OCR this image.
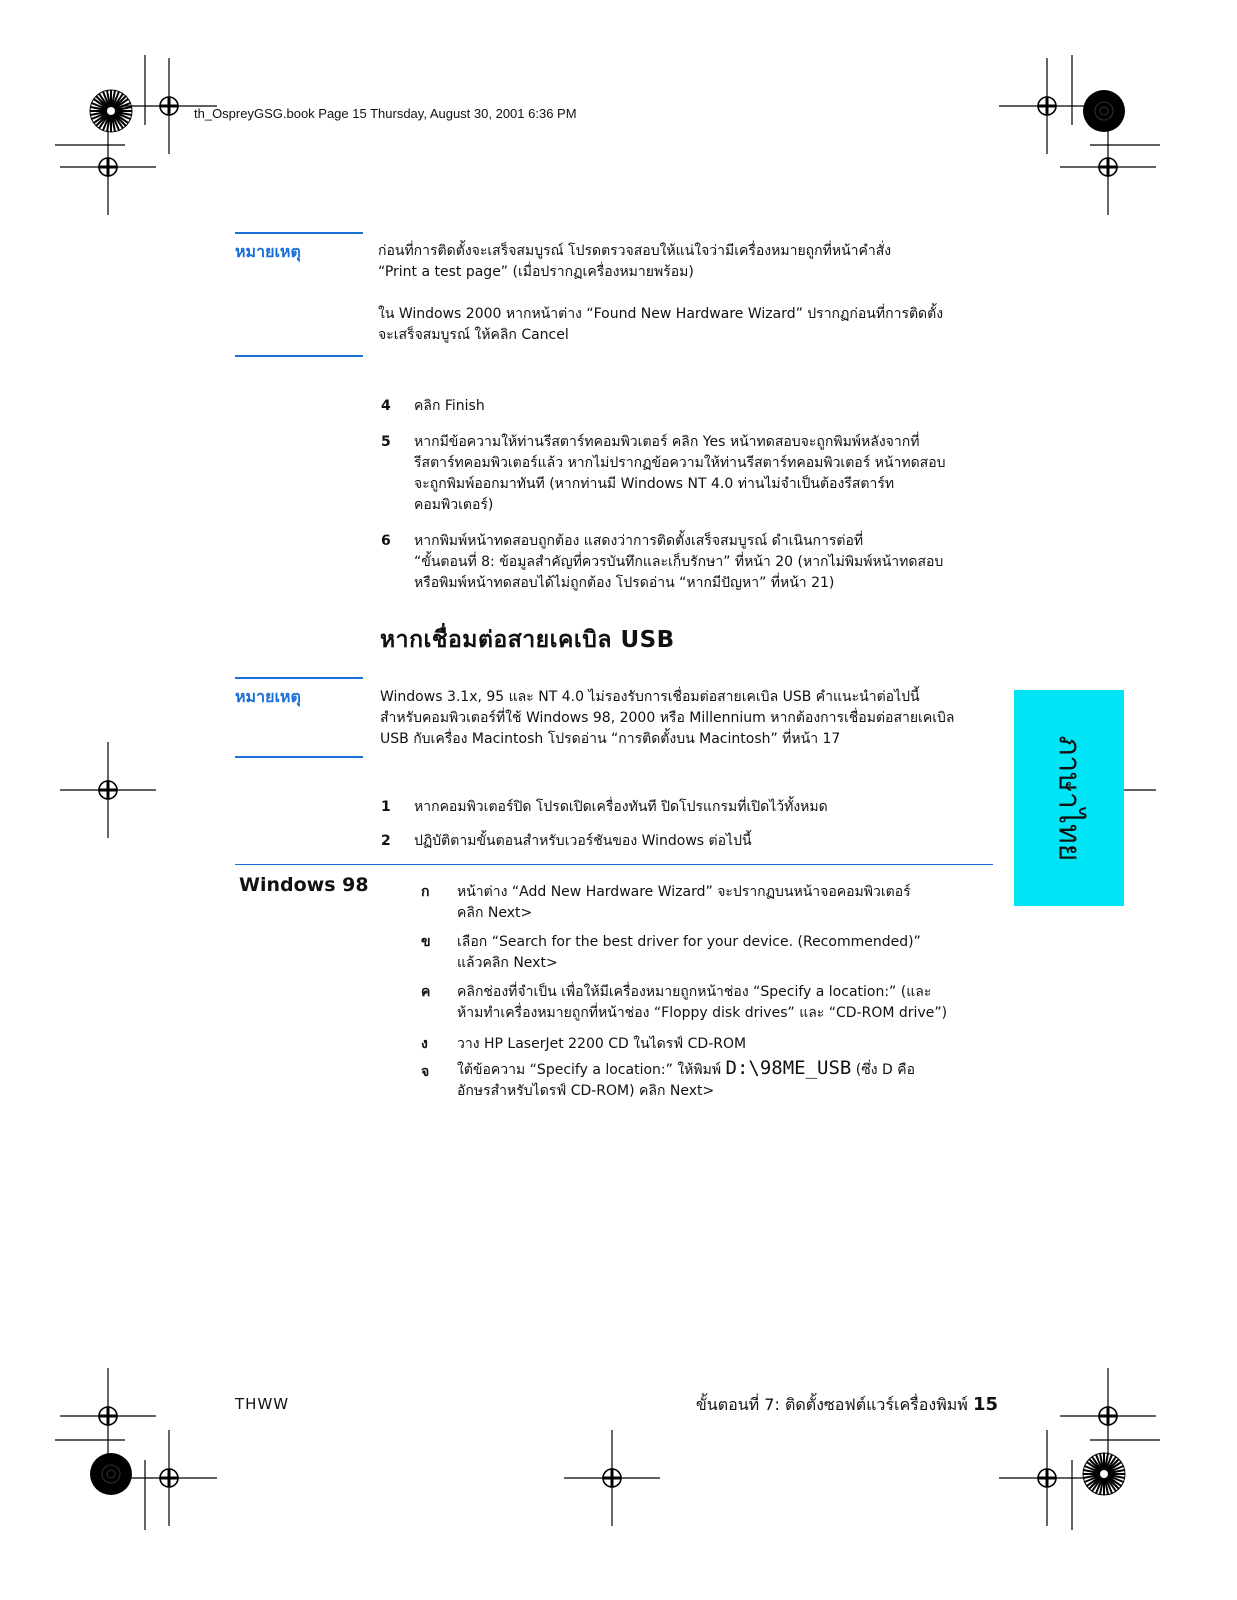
th_OspreyGSG.book Page 15 Thursday, August 30, 2001 6:36 PM
หมายเหตุ	ก่อนที่การติดตั้งจะเสร็จสมบูรณ์ โปรดตรวจสอบให้แน่ใจว่ามีเครื่องหมายถูกที่หน้าคำสั่ง

“Print a test page” (เมื่อปรากฏเครื่องหมายพร้อม)

ใน Windows 2000 หากหน้าต่าง “Found New Hardware Wizard” ปรากฏก่อนที่การติดตั้ง

จะเสร็จสมบูรณ์ ให้คลิก Cancel

4 คลิก Finish
5 หากมีข้อความให้ท่านรีสตาร์ทคอมพิวเตอร์ คลิก Yes หน้าทดสอบจะถูกพิมพ์หลังจากที่
รีสตาร์ทคอมพิวเตอร์แล้ว หากไม่ปรากฏข้อความให้ท่านรีสตาร์ทคอมพิวเตอร์ หน้าทดสอบ
จะถูกพิมพ์ออกมาทันที (หากท่านมี Windows NT 4.0 ท่านไม่จำเป็นต้องรีสตาร์ท
คอมพิวเตอร์)
6 หากพิมพ์หน้าทดสอบถูกต้อง แสดงว่าการติดตั้งเสร็จสมบูรณ์ ดำเนินการต่อที่
“ขั้นตอนที่ 8: ข้อมูลสำคัญที่ควรบันทึกและเก็บรักษา” ที่หน้า 20 (หากไม่พิมพ์หน้าทดสอบ
หรือพิมพ์หน้าทดสอบได้ไม่ถูกต้อง โปรดอ่าน “หากมีปัญหา” ที่หน้า 21)
หากเชื่อมต่อสายเคเบิล USB
หมายเหตุ	Windows 3.1x, 95 และ NT 4.0 ไม่รองรับการเชื่อมต่อสายเคเบิล USB คำแนะนำต่อไปนี้

สำหรับคอมพิวเตอร์ที่ใช้ Windows 98, 2000 หรือ Millennium หากต้องการเชื่อมต่อสายเคเบิล

USB กับเครื่อง Macintosh โปรดอ่าน “การติดตั้งบน Macintosh” ที่หน้า 17

1 หากคอมพิวเตอร์ปิด โปรดเปิดเครื่องทันที ปิดโปรแกรมที่เปิดไว้ทั้งหมด
2 ปฏิบัติตามขั้นตอนสำหรับเวอร์ชันของ Windows ต่อไปนี้
Windows 98	ก หน้าต่าง “Add New Hardware Wizard” จะปรากฏบนหน้าจอคอมพิวเตอร์
คลิก Next>
ข เลือก “Search for the best driver for your device. (Recommended)”
แล้วคลิก Next>
ค คลิกช่องที่จำเป็น เพื่อให้มีเครื่องหมายถูกหน้าช่อง “Specify a location:” (และ
ห้ามทำเครื่องหมายถูกที่หน้าช่อง “Floppy disk drives” และ “CD-ROM drive”)
ง วาง HP LaserJet 2200 CD ในไดรฟ์ CD-ROM
จ ใต้ข้อความ “Specify a location:” ให้พิมพ์ D:\98ME_USB (ซึ่ง D คือ
อักษรสำหรับไดรฟ์ CD-ROM) คลิก Next>
ภาษาไทย
THWW	ขั้นตอนที่ 7: ติดตั้งซอฟต์แวร์เครื่องพิมพ์ 15
